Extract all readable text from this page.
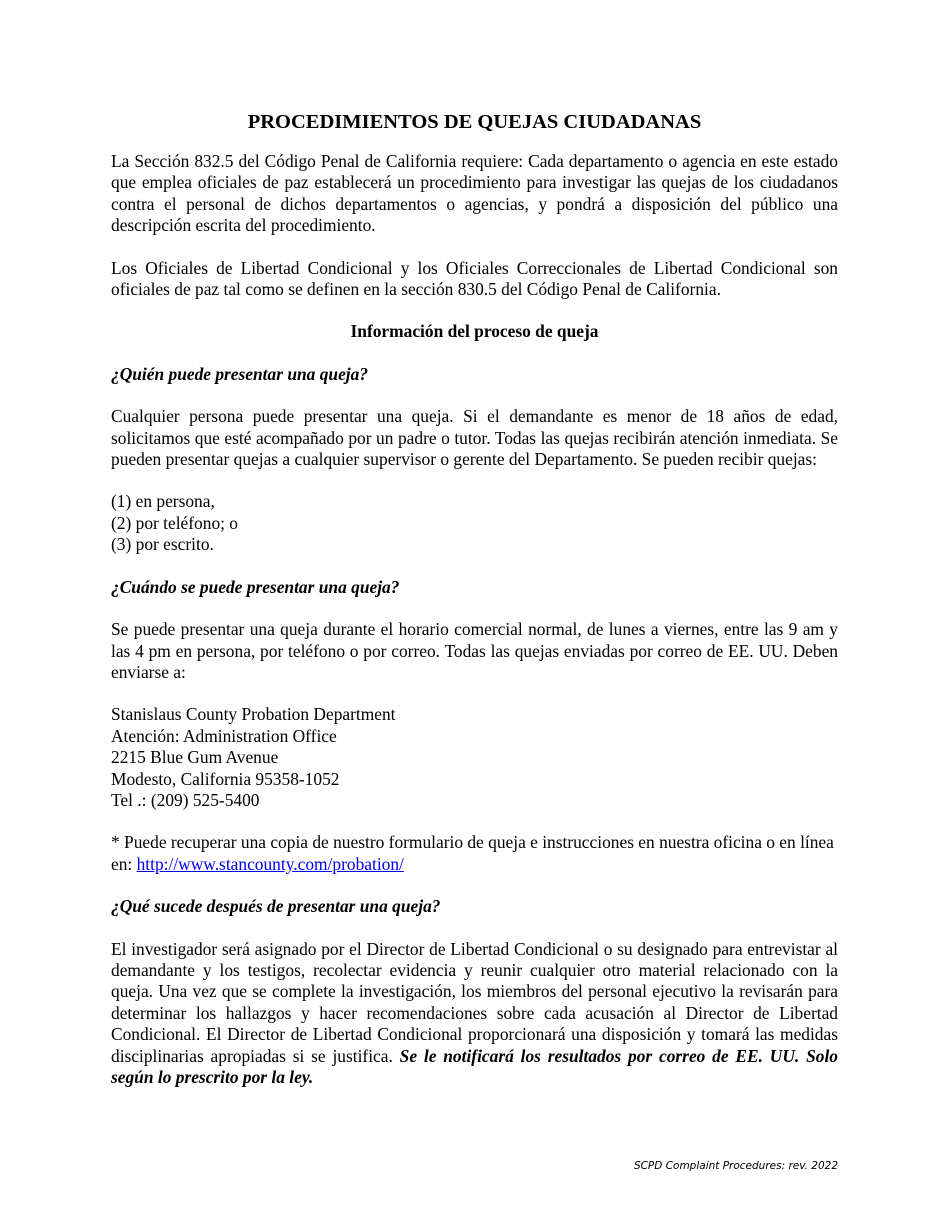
PROCEDIMIENTOS DE QUEJAS CIUDADANAS
La Sección 832.5 del Código Penal de California requiere: Cada departamento o agencia en este estado que emplea oficiales de paz establecerá un procedimiento para investigar las quejas de los ciudadanos contra el personal de dichos departamentos o agencias, y pondrá a disposición del público una descripción escrita del procedimiento.
Los Oficiales de Libertad Condicional y los Oficiales Correccionales de Libertad Condicional son oficiales de paz tal como se definen en la sección 830.5 del Código Penal de California.
Información del proceso de queja
¿Quién puede presentar una queja?
Cualquier persona puede presentar una queja. Si el demandante es menor de 18 años de edad, solicitamos que esté acompañado por un padre o tutor. Todas las quejas recibirán atención inmediata. Se pueden presentar quejas a cualquier supervisor o gerente del Departamento. Se pueden recibir quejas:
(1) en persona,
(2) por teléfono; o
(3) por escrito.
¿Cuándo se puede presentar una queja?
Se puede presentar una queja durante el horario comercial normal, de lunes a viernes, entre las 9 am y las 4 pm en persona, por teléfono o por correo. Todas las quejas enviadas por correo de EE. UU. Deben enviarse a:
Stanislaus County Probation Department
Atención: Administration Office
2215 Blue Gum Avenue
Modesto, California 95358-1052
Tel .: (209) 525-5400
* Puede recuperar una copia de nuestro formulario de queja e instrucciones en nuestra oficina o en línea en: http://www.stancounty.com/probation/
¿Qué sucede después de presentar una queja?
El investigador será asignado por el Director de Libertad Condicional o su designado para entrevistar al demandante y los testigos, recolectar evidencia y reunir cualquier otro material relacionado con la queja. Una vez que se complete la investigación, los miembros del personal ejecutivo la revisarán para determinar los hallazgos y hacer recomendaciones sobre cada acusación al Director de Libertad Condicional. El Director de Libertad Condicional proporcionará una disposición y tomará las medidas disciplinarias apropiadas si se justifica. Se le notificará los resultados por correo de EE. UU. Solo según lo prescrito por la ley.
SCPD Complaint Procedures: rev. 2022
